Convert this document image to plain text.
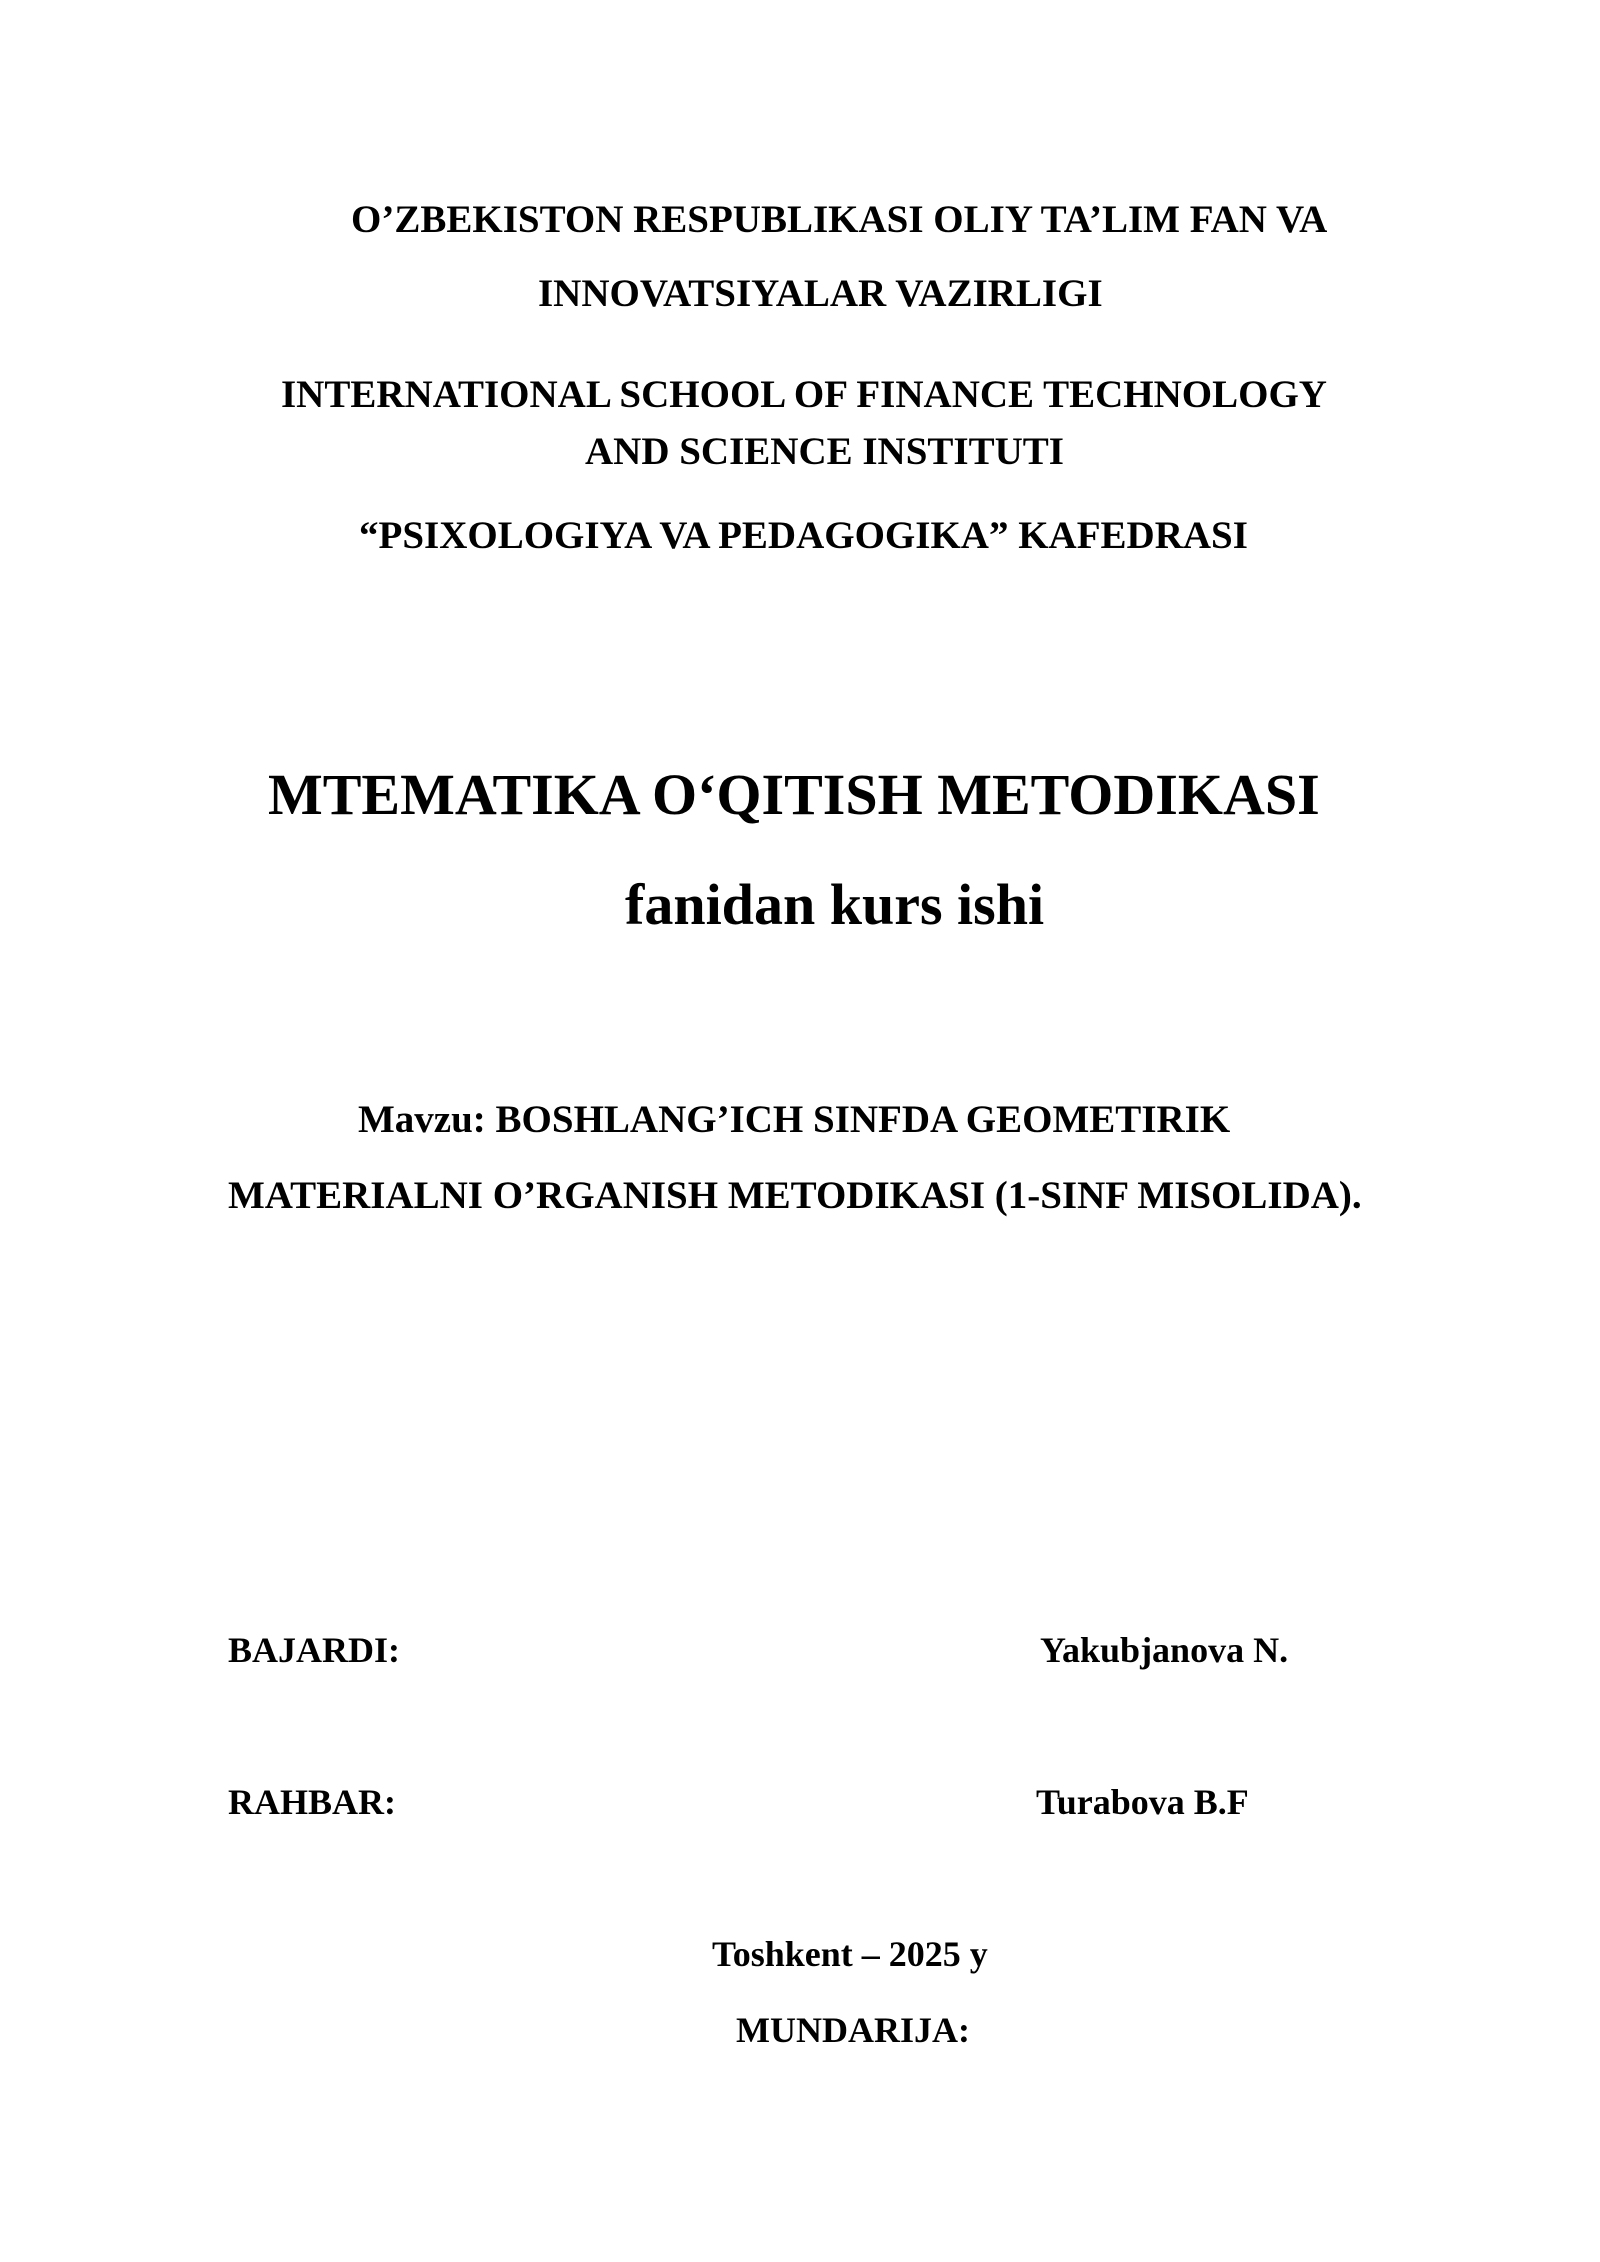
O’ZBEKISTON RESPUBLIKASI OLIY TA’LIM FAN VA

INNOVATSIYALAR VAZIRLIGI

INTERNATIONAL SCHOOL OF FINANCE TECHNOLOGY

AND SCIENCE INSTITUTI

“PSIXOLOGIYA VA PEDAGOGIKA” KAFEDRASI

MTEMATIKA O‘QITISH METODIKASI

fanidan kurs ishi

Mavzu: BOSHLANG’ICH SINFDA GEOMETIRIK

MATERIALNI O’RGANISH METODIKASI (1-SINF MISOLIDA).

BAJARDI:	Yakubjanova N.

RAHBAR:	Turabova B.F

Toshkent – 2025 y

MUNDARIJA:
